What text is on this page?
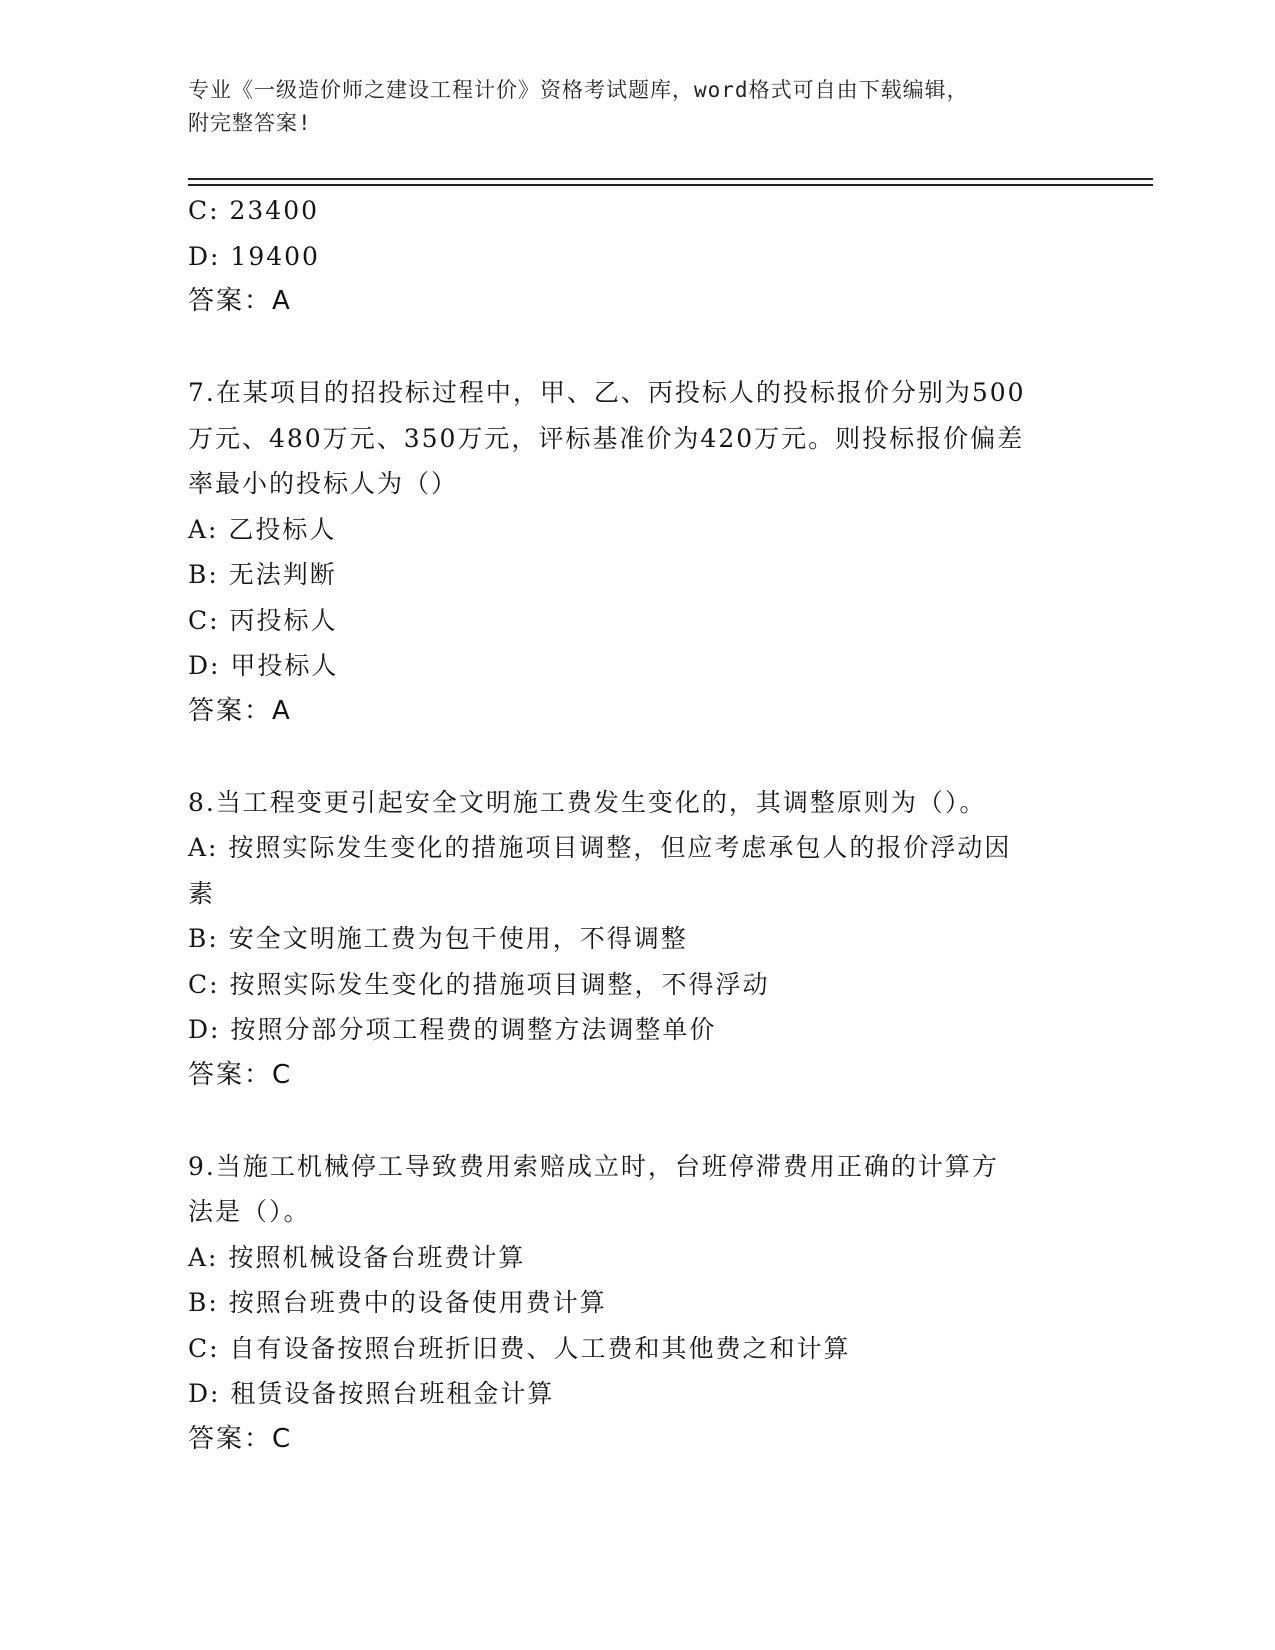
专业《一级造价师之建设工程计价》资格考试题库，word格式可自由下载编辑，
附完整答案!
C: 23400
D: 19400
答案：A
7.在某项目的招投标过程中，甲、乙、丙投标人的投标报价分别为500
万元、480万元、350万元，评标基准价为420万元。则投标报价偏差
率最小的投标人为（）
A: 乙投标人
B: 无法判断
C: 丙投标人
D: 甲投标人
答案：A
8.当工程变更引起安全文明施工费发生变化的，其调整原则为（）。
A: 按照实际发生变化的措施项目调整，但应考虑承包人的报价浮动因
素
B: 安全文明施工费为包干使用，不得调整
C: 按照实际发生变化的措施项目调整，不得浮动
D: 按照分部分项工程费的调整方法调整单价
答案：C
9.当施工机械停工导致费用索赔成立时，台班停滞费用正确的计算方
法是（）。
A: 按照机械设备台班费计算
B: 按照台班费中的设备使用费计算
C: 自有设备按照台班折旧费、人工费和其他费之和计算
D: 租赁设备按照台班租金计算
答案：C
